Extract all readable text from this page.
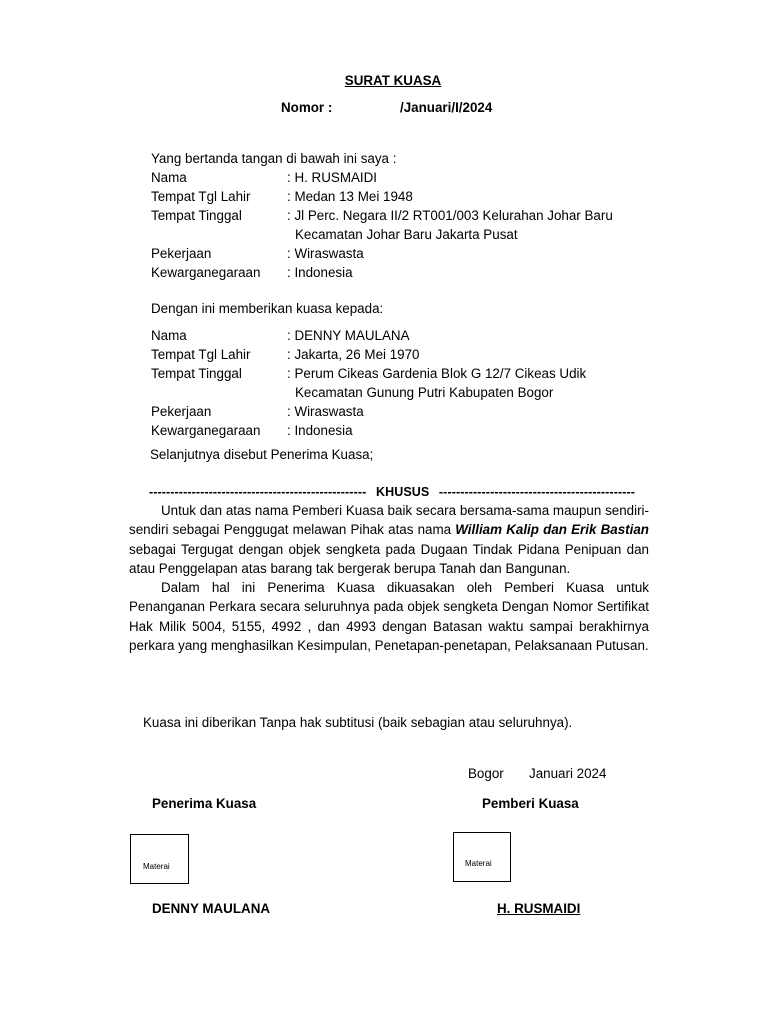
SURAT KUASA
Nomor :	/Januari/I/2024
Yang bertanda tangan di bawah ini saya :
Nama	: H. RUSMAIDI
Tempat Tgl Lahir	: Medan 13 Mei 1948
Tempat Tinggal	: Jl Perc. Negara II/2 RT001/003 Kelurahan Johar Baru
Kecamatan Johar Baru Jakarta Pusat
Pekerjaan	: Wiraswasta
Kewarganegaraan : Indonesia
Dengan ini memberikan kuasa kepada:
Nama	: DENNY MAULANA
Tempat Tgl Lahir	: Jakarta, 26 Mei 1970
Tempat Tinggal	: Perum Cikeas Gardenia Blok G 12/7 Cikeas Udik
Kecamatan Gunung Putri Kabupaten Bogor
Pekerjaan	: Wiraswasta
Kewarganegaraan : Indonesia
Selanjutnya disebut Penerima Kuasa;
--------------------------------------------------- KHUSUS ----------------------------------------------

Untuk dan atas nama Pemberi Kuasa baik secara bersama-sama maupun sendiri-sendiri sebagai Penggugat melawan Pihak atas nama William Kalip dan Erik Bastian sebagai Tergugat dengan objek sengketa pada Dugaan Tindak Pidana Penipuan dan atau Penggelapan atas barang tak bergerak berupa Tanah dan Bangunan.

Dalam hal ini Penerima Kuasa dikuasakan oleh Pemberi Kuasa untuk Penanganan Perkara secara seluruhnya pada objek sengketa Dengan Nomor Sertifikat Hak Milik 5004, 5155, 4992 , dan 4993 dengan Batasan waktu sampai berakhirnya perkara yang menghasilkan Kesimpulan, Penetapan-penetapan, Pelaksanaan Putusan.

Kuasa ini diberikan Tanpa hak subtitusi (baik sebagian atau seluruhnya).
Bogor Januari 2024
Penerima Kuasa	Pemberi Kuasa
Materai	Materai
DENNY MAULANA	H. RUSMAIDI
